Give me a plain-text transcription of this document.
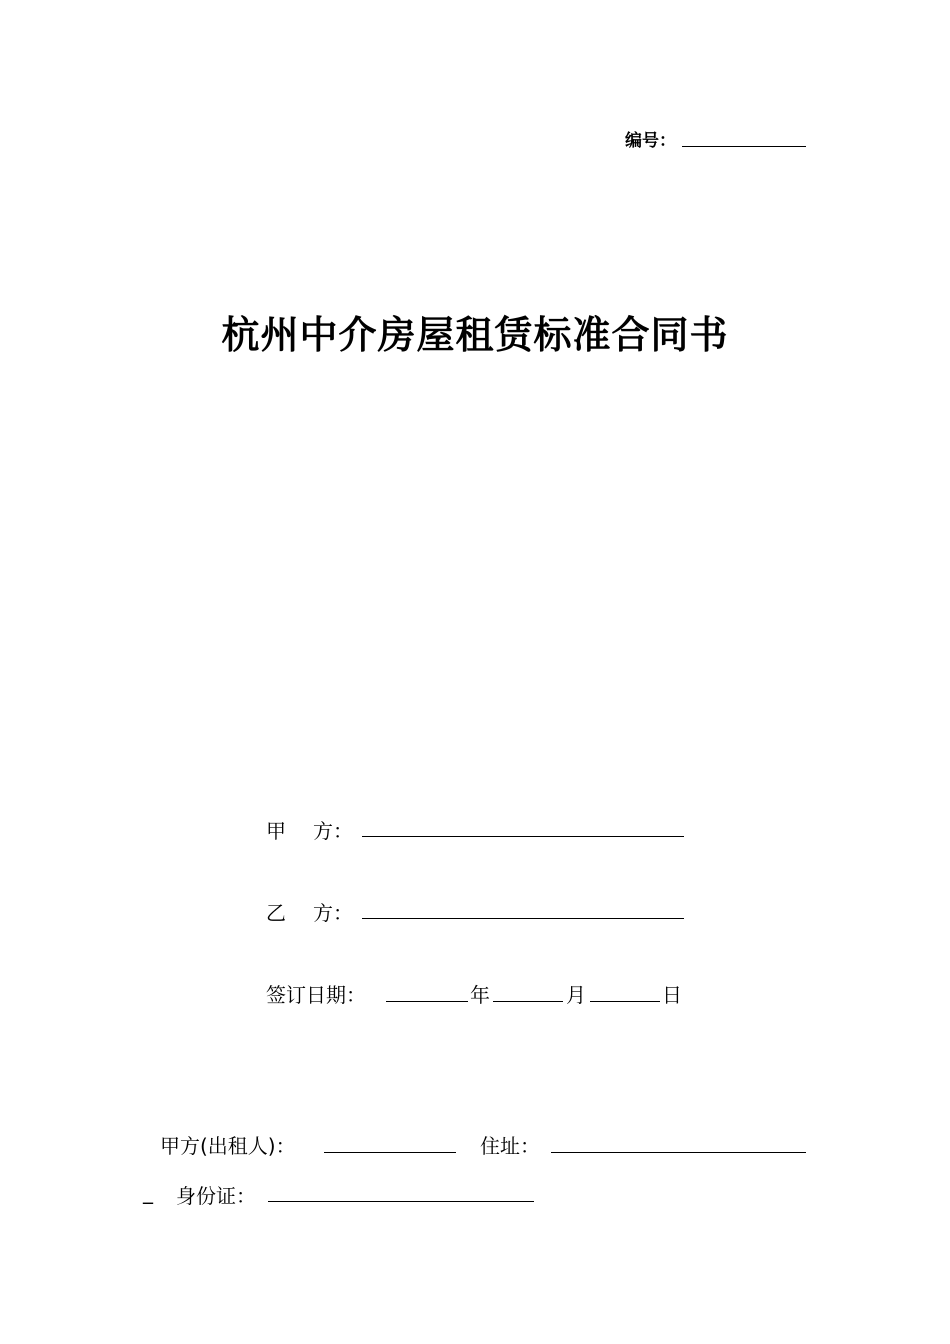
编号：
杭州中介房屋租赁标准合同书
甲 方：
乙 方：
签订日期：	年	月	日
甲方(出租人)：	住址：
_ 身份证：
